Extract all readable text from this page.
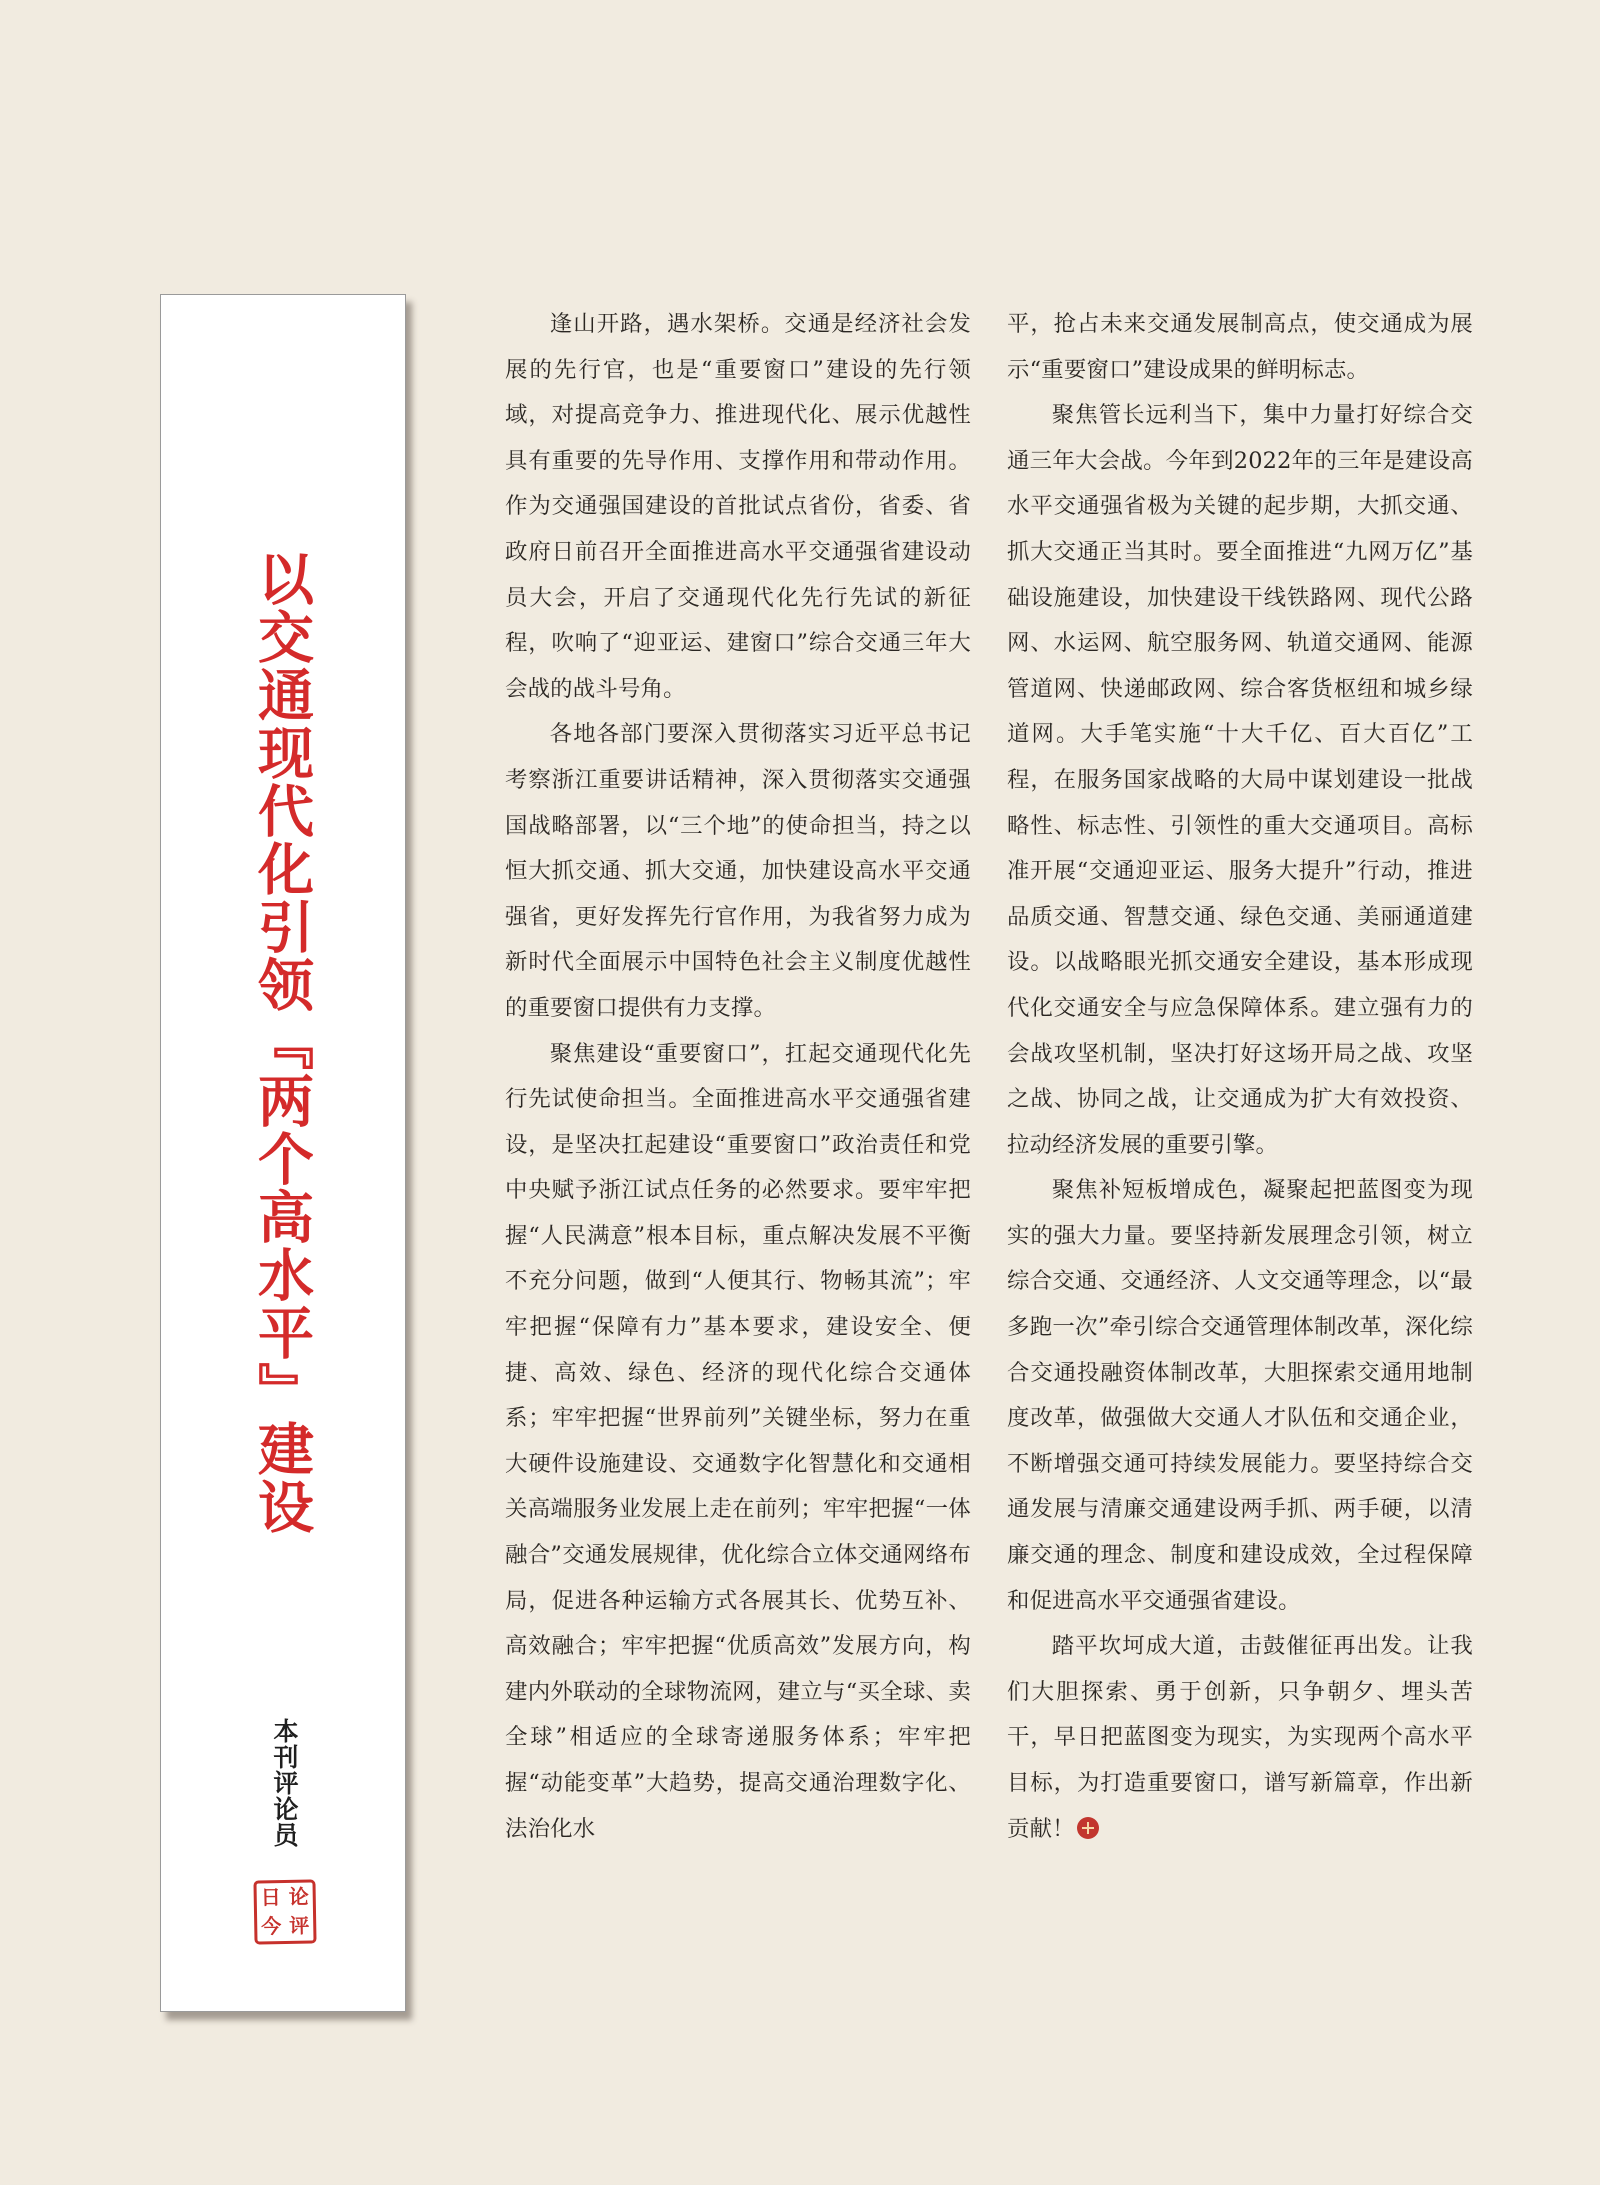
以交通现代化引领『两个高水平』建设
本刊评论员
日 论
今 评

逢山开路，遇水架桥。交通是经济社会发展的先行官，也是“重要窗口”建设的先行领域，对提高竞争力、推进现代化、展示优越性具有重要的先导作用、支撑作用和带动作用。作为交通强国建设的首批试点省份，省委、省政府日前召开全面推进高水平交通强省建设动员大会，开启了交通现代化先行先试的新征程，吹响了“迎亚运、建窗口”综合交通三年大会战的战斗号角。

各地各部门要深入贯彻落实习近平总书记考察浙江重要讲话精神，深入贯彻落实交通强国战略部署，以“三个地”的使命担当，持之以恒大抓交通、抓大交通，加快建设高水平交通强省，更好发挥先行官作用，为我省努力成为新时代全面展示中国特色社会主义制度优越性的重要窗口提供有力支撑。

聚焦建设“重要窗口”，扛起交通现代化先行先试使命担当。全面推进高水平交通强省建设，是坚决扛起建设“重要窗口”政治责任和党中央赋予浙江试点任务的必然要求。要牢牢把握“人民满意”根本目标，重点解决发展不平衡不充分问题，做到“人便其行、物畅其流”；牢牢把握“保障有力”基本要求，建设安全、便捷、高效、绿色、经济的现代化综合交通体系；牢牢把握“世界前列”关键坐标，努力在重大硬件设施建设、交通数字化智慧化和交通相关高端服务业发展上走在前列；牢牢把握“一体融合”交通发展规律，优化综合立体交通网络布局，促进各种运输方式各展其长、优势互补、高效融合；牢牢把握“优质高效”发展方向，构建内外联动的全球物流网，建立与“买全球、卖全球”相适应的全球寄递服务体系；牢牢把握“动能变革”大趋势，提高交通治理数字化、法治化水

平，抢占未来交通发展制高点，使交通成为展示“重要窗口”建设成果的鲜明标志。

聚焦管长远利当下，集中力量打好综合交通三年大会战。今年到2022年的三年是建设高水平交通强省极为关键的起步期，大抓交通、抓大交通正当其时。要全面推进“九网万亿”基础设施建设，加快建设干线铁路网、现代公路网、水运网、航空服务网、轨道交通网、能源管道网、快递邮政网、综合客货枢纽和城乡绿道网。大手笔实施“十大千亿、百大百亿”工程，在服务国家战略的大局中谋划建设一批战略性、标志性、引领性的重大交通项目。高标准开展“交通迎亚运、服务大提升”行动，推进品质交通、智慧交通、绿色交通、美丽通道建设。以战略眼光抓交通安全建设，基本形成现代化交通安全与应急保障体系。建立强有力的会战攻坚机制，坚决打好这场开局之战、攻坚之战、协同之战，让交通成为扩大有效投资、拉动经济发展的重要引擎。

聚焦补短板增成色，凝聚起把蓝图变为现实的强大力量。要坚持新发展理念引领，树立综合交通、交通经济、人文交通等理念，以“最多跑一次”牵引综合交通管理体制改革，深化综合交通投融资体制改革，大胆探索交通用地制度改革，做强做大交通人才队伍和交通企业，不断增强交通可持续发展能力。要坚持综合交通发展与清廉交通建设两手抓、两手硬，以清廉交通的理念、制度和建设成效，全过程保障和促进高水平交通强省建设。

踏平坎坷成大道，击鼓催征再出发。让我们大胆探索、勇于创新，只争朝夕、埋头苦干，早日把蓝图变为现实，为实现两个高水平目标，为打造重要窗口，谱写新篇章，作出新贡献！
